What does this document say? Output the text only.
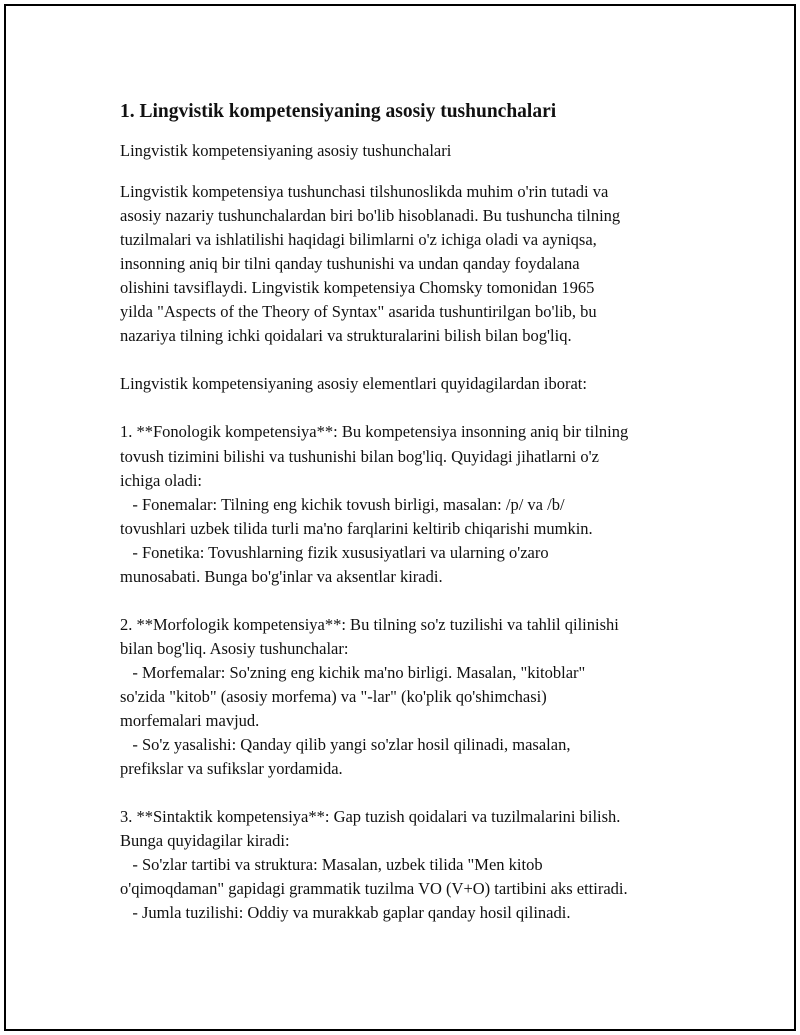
1. Lingvistik kompetensiyaning asosiy tushunchalari

Lingvistik kompetensiyaning asosiy tushunchalari

Lingvistik kompetensiya tushunchasi tilshunoslikda muhim o'rin tutadi va
asosiy nazariy tushunchalardan biri bo'lib hisoblanadi. Bu tushuncha tilning
tuzilmalari va ishlatilishi haqidagi bilimlarni o'z ichiga oladi va ayniqsa,
insonning aniq bir tilni qanday tushunishi va undan qanday foydalana
olishini tavsiflaydi. Lingvistik kompetensiya Chomsky tomonidan 1965
yilda "Aspects of the Theory of Syntax" asarida tushuntirilgan bo'lib, bu
nazariya tilning ichki qoidalari va strukturalarini bilish bilan bog'liq.
Lingvistik kompetensiyaning asosiy elementlari quyidagilardan iborat:
1. **Fonologik kompetensiya**: Bu kompetensiya insonning aniq bir tilning
tovush tizimini bilishi va tushunishi bilan bog'liq. Quyidagi jihatlarni o'z
ichiga oladi:
- Fonemalar: Tilning eng kichik tovush birligi, masalan: /p/ va /b/
tovushlari uzbek tilida turli ma'no farqlarini keltirib chiqarishi mumkin.
- Fonetika: Tovushlarning fizik xususiyatlari va ularning o'zaro
munosabati. Bunga bo'g'inlar va aksentlar kiradi.
2. **Morfologik kompetensiya**: Bu tilning so'z tuzilishi va tahlil qilinishi
bilan bog'liq. Asosiy tushunchalar:
- Morfemalar: So'zning eng kichik ma'no birligi. Masalan, "kitoblar"
so'zida "kitob" (asosiy morfema) va "-lar" (ko'plik qo'shimchasi)
morfemalari mavjud.
- So'z yasalishi: Qanday qilib yangi so'zlar hosil qilinadi, masalan,
prefikslar va sufikslar yordamida.
3. **Sintaktik kompetensiya**: Gap tuzish qoidalari va tuzilmalarini bilish.
Bunga quyidagilar kiradi:
- So'zlar tartibi va struktura: Masalan, uzbek tilida "Men kitob
o'qimoqdaman" gapidagi grammatik tuzilma VO (V+O) tartibini aks ettiradi.
- Jumla tuzilishi: Oddiy va murakkab gaplar qanday hosil qilinadi.
